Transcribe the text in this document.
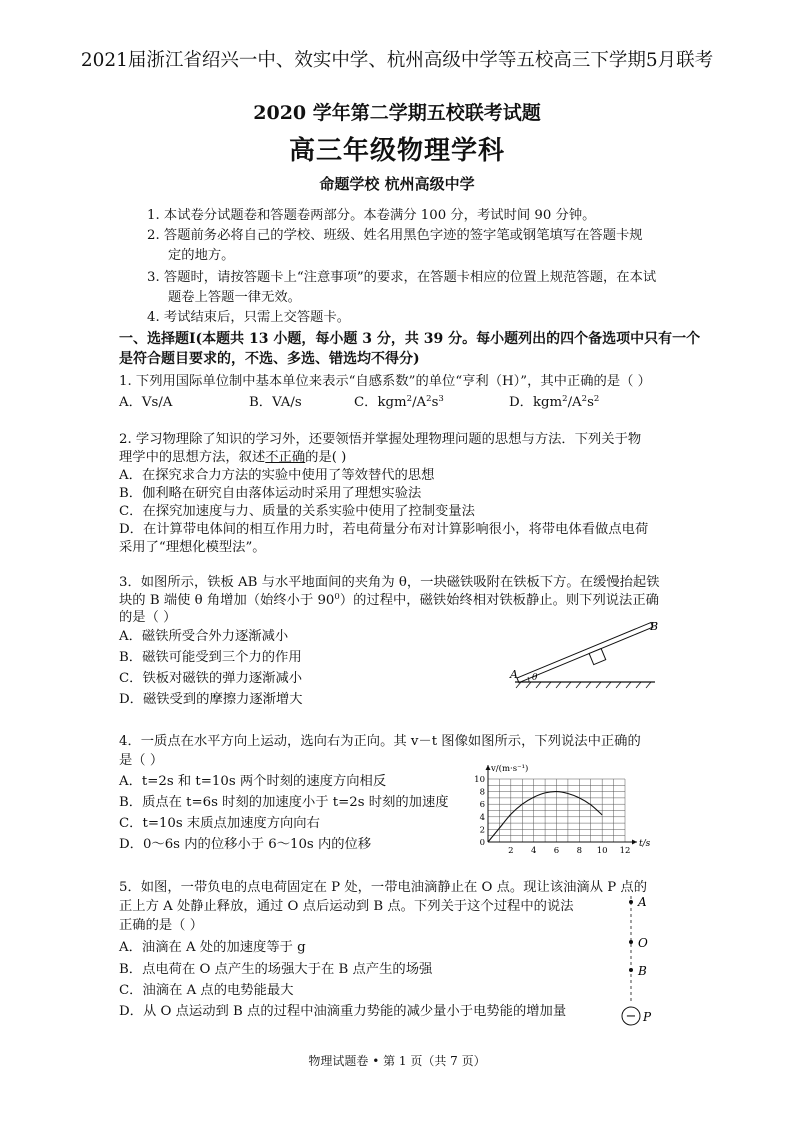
2021届浙江省绍兴一中、效实中学、杭州高级中学等五校高三下学期5月联考
2020 学年第二学期五校联考试题
高三年级物理学科
命题学校 杭州高级中学
1. 本试卷分试题卷和答题卷两部分。本卷满分 100 分，考试时间 90 分钟。
2. 答题前务必将自己的学校、班级、姓名用黑色字迹的签字笔或钢笔填写在答题卡规
定的地方。
3. 答题时，请按答题卡上“注意事项”的要求，在答题卡相应的位置上规范答题，在本试
题卷上答题一律无效。
4. 考试结束后，只需上交答题卡。
一、选择题Ⅰ(本题共 13 小题，每小题 3 分，共 39 分。每小题列出的四个备选项中只有一个
是符合题目要求的，不选、多选、错选均不得分)
1. 下列用国际单位制中基本单位来表示“自感系数”的单位“亨利（H）”，其中正确的是（ ）
A．Vs/A	B．VA/s	C．$kgm^2/A^2s^3$	D．$kgm^2/A^2s^2$
2. 学习物理除了知识的学习外，还要领悟并掌握处理物理问题的思想与方法．下列关于物
理学中的思想方法，叙述不正确的是( )
A．在探究求合力方法的实验中使用了等效替代的思想
B．伽利略在研究自由落体运动时采用了理想实验法
C．在探究加速度与力、质量的关系实验中使用了控制变量法
D．在计算带电体间的相互作用力时，若电荷量分布对计算影响很小，将带电体看做点电荷
采用了“理想化模型法”。
3．如图所示，铁板 AB 与水平地面间的夹角为 θ，一块磁铁吸附在铁板下方。在缓慢抬起铁
块的 B 端使 θ 角增加（始终小于 $90^0$）的过程中，磁铁始终相对铁板静止。则下列说法正确
的是（ ）
A．磁铁所受合外力逐渐减小
B．磁铁可能受到三个力的作用
C．铁板对磁铁的弹力逐渐减小
D．磁铁受到的摩擦力逐渐增大
A
B
θ
4．一质点在水平方向上运动，选向右为正向。其 v－t 图像如图所示，下列说法中正确的
是（ ）
A．t=2s 和 t=10s 两个时刻的速度方向相反
B．质点在 t=6s 时刻的加速度小于 t=2s 时刻的加速度
C．t=10s 末质点加速度方向向右
D．0～6s 内的位移小于 6～10s 内的位移	2 4 6 8 10 12
0
2
4
6
8
10
v/(m·s⁻¹)
t/s
5．如图，一带负电的点电荷固定在 P 处，一带电油滴静止在 O 点。现让该油滴从 P 点的
正上方 A 处静止释放，通过 O 点后运动到 B 点。下列关于这个过程中的说法
正确的是（ ）
A．油滴在 A 处的加速度等于 g
B．点电荷在 O 点产生的场强大于在 B 点产生的场强
C．油滴在 A 点的电势能最大
D．从 O 点运动到 B 点的过程中油滴重力势能的减少量小于电势能的增加量	−
A
O
B
P
物理试题卷 • 第 1 页（共 7 页）
